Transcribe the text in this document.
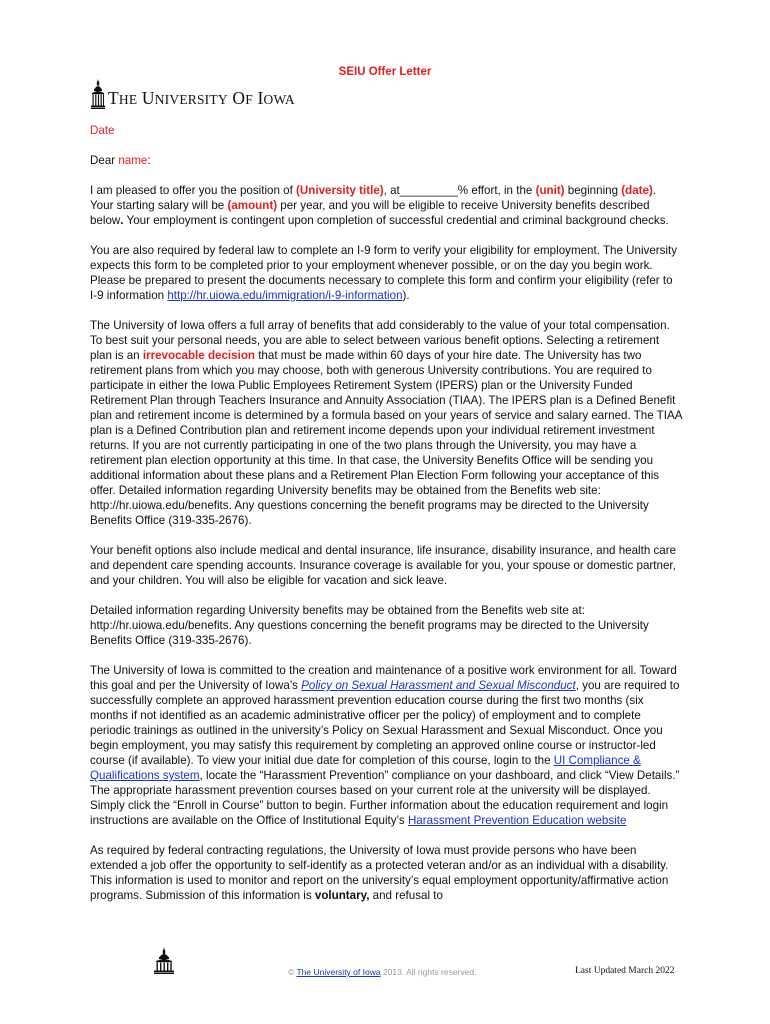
SEIU Offer Letter
THE UNIVERSITY OF IOWA

Date

Dear name:

I am pleased to offer you the position of (University title), at_________% effort, in the (unit) beginning (date). Your starting salary will be (amount) per year, and you will be eligible to receive University benefits described below. Your employment is contingent upon completion of successful credential and criminal background checks.

You are also required by federal law to complete an I-9 form to verify your eligibility for employment. The University expects this form to be completed prior to your employment whenever possible, or on the day you begin work. Please be prepared to present the documents necessary to complete this form and confirm your eligibility (refer to I-9 information http://hr.uiowa.edu/immigration/i-9-information).

The University of Iowa offers a full array of benefits that add considerably to the value of your total compensation. To best suit your personal needs, you are able to select between various benefit options. Selecting a retirement plan is an irrevocable decision that must be made within 60 days of your hire date. The University has two retirement plans from which you may choose, both with generous University contributions. You are required to participate in either the Iowa Public Employees Retirement System (IPERS) plan or the University Funded Retirement Plan through Teachers Insurance and Annuity Association (TIAA). The IPERS plan is a Defined Benefit plan and retirement income is determined by a formula based on your years of service and salary earned. The TIAA plan is a Defined Contribution plan and retirement income depends upon your individual retirement investment returns. If you are not currently participating in one of the two plans through the University, you may have a retirement plan election opportunity at this time. In that case, the University Benefits Office will be sending you additional information about these plans and a Retirement Plan Election Form following your acceptance of this offer. Detailed information regarding University benefits may be obtained from the Benefits web site: http://hr.uiowa.edu/benefits. Any questions concerning the benefit programs may be directed to the University Benefits Office (319-335-2676).

Your benefit options also include medical and dental insurance, life insurance, disability insurance, and health care and dependent care spending accounts. Insurance coverage is available for you, your spouse or domestic partner, and your children. You will also be eligible for vacation and sick leave.

Detailed information regarding University benefits may be obtained from the Benefits web site at: http://hr.uiowa.edu/benefits. Any questions concerning the benefit programs may be directed to the University Benefits Office (319-335-2676).

The University of Iowa is committed to the creation and maintenance of a positive work environment for all. Toward this goal and per the University of Iowa’s Policy on Sexual Harassment and Sexual Misconduct, you are required to successfully complete an approved harassment prevention education course during the first two months (six months if not identified as an academic administrative officer per the policy) of employment and to complete periodic trainings as outlined in the university’s Policy on Sexual Harassment and Sexual Misconduct. Once you begin employment, you may satisfy this requirement by completing an approved online course or instructor-led course (if available). To view your initial due date for completion of this course, login to the UI Compliance & Qualifications system, locate the “Harassment Prevention” compliance on your dashboard, and click “View Details.” The appropriate harassment prevention courses based on your current role at the university will be displayed. Simply click the “Enroll in Course” button to begin. Further information about the education requirement and login instructions are available on the Office of Institutional Equity’s Harassment Prevention Education website

As required by federal contracting regulations, the University of Iowa must provide persons who have been extended a job offer the opportunity to self-identify as a protected veteran and/or as an individual with a disability. This information is used to monitor and report on the university’s equal employment opportunity/affirmative action programs. Submission of this information is voluntary, and refusal to

© The University of Iowa 2013. All rights reserved.	Last Updated March 2022
